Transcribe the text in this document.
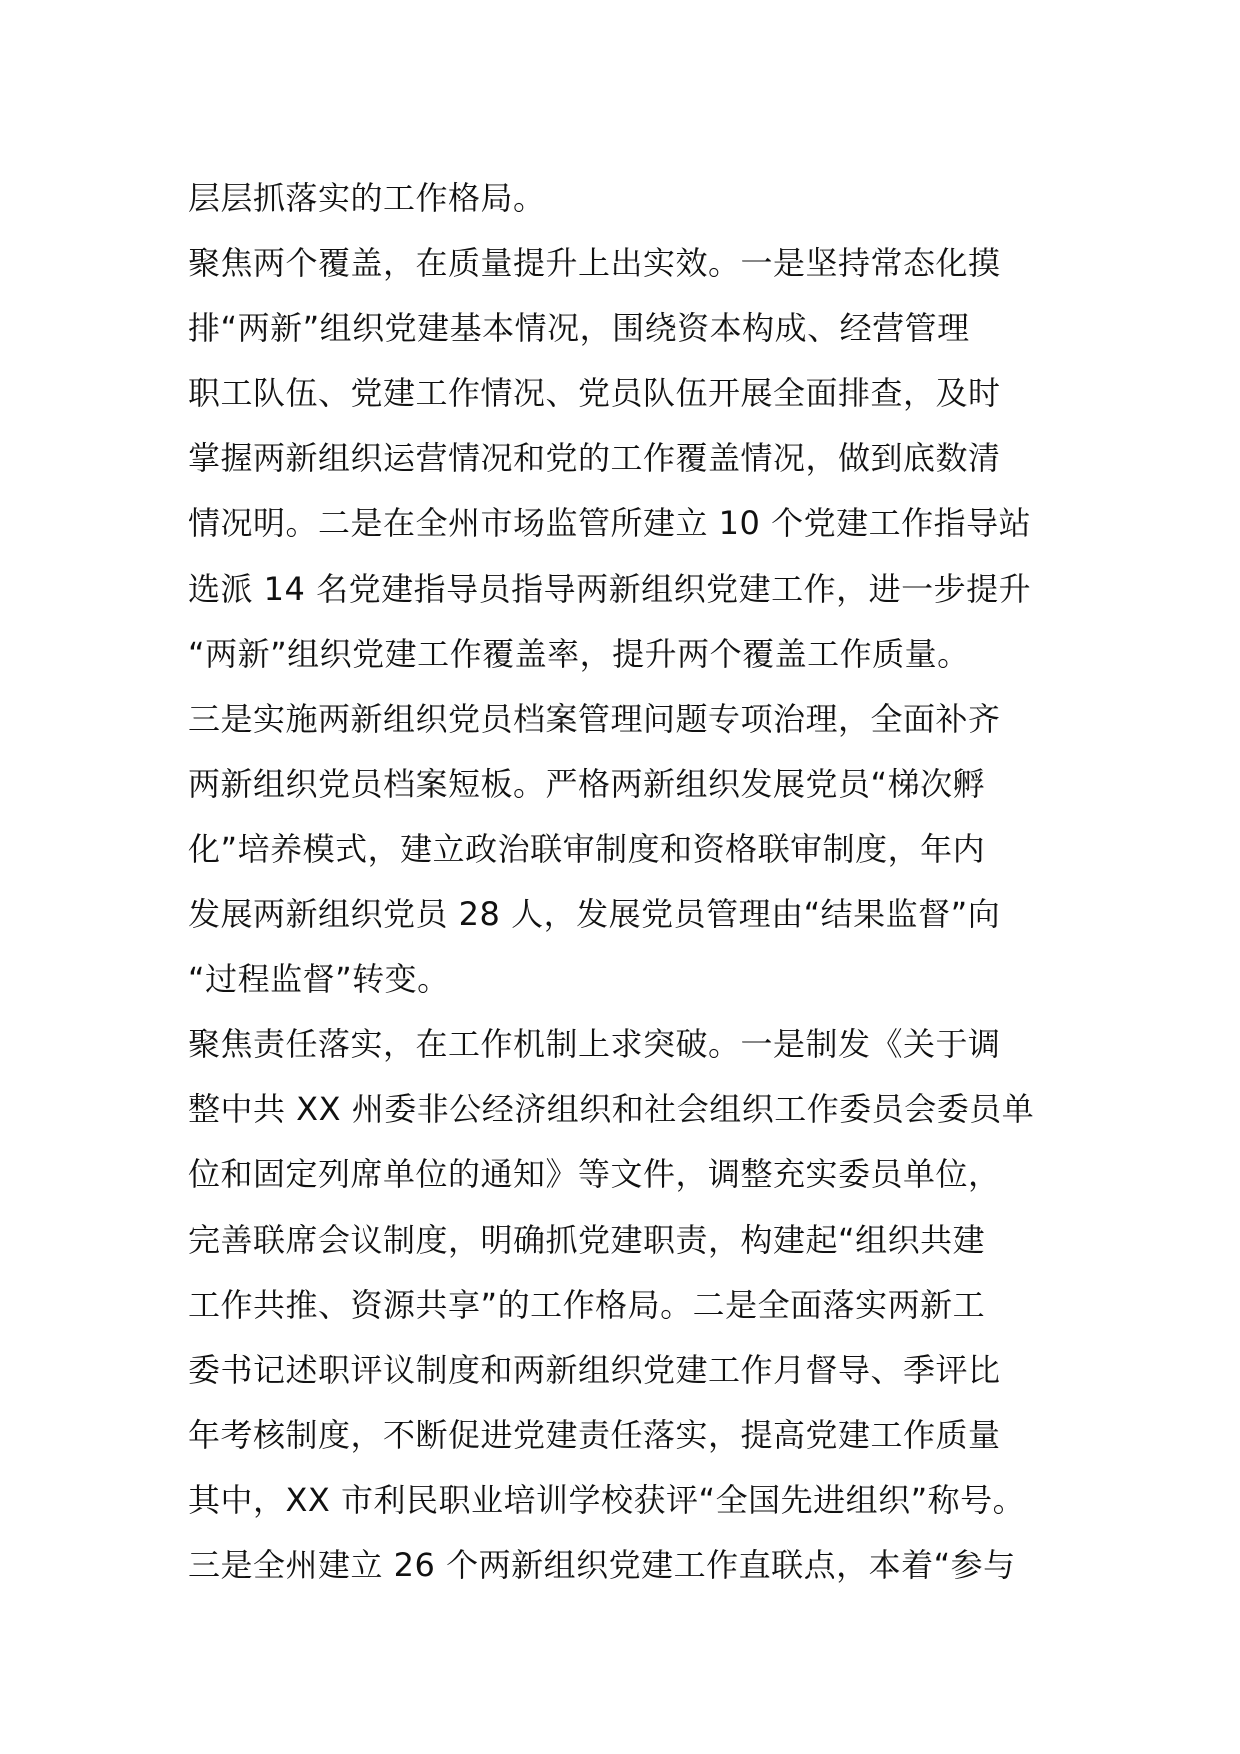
层层抓落实的工作格局。
聚焦两个覆盖，在质量提升上出实效。一是坚持常态化摸
排“两新”组织党建基本情况，围绕资本构成、经营管理
职工队伍、党建工作情况、党员队伍开展全面排查，及时
掌握两新组织运营情况和党的工作覆盖情况，做到底数清
情况明。二是在全州市场监管所建立 10 个党建工作指导站
选派 14 名党建指导员指导两新组织党建工作，进一步提升
“两新”组织党建工作覆盖率，提升两个覆盖工作质量。
三是实施两新组织党员档案管理问题专项治理，全面补齐
两新组织党员档案短板。严格两新组织发展党员“梯次孵
化”培养模式，建立政治联审制度和资格联审制度，年内
发展两新组织党员 28 人，发展党员管理由“结果监督”向
“过程监督”转变。
聚焦责任落实，在工作机制上求突破。一是制发《关于调
整中共 XX 州委非公经济组织和社会组织工作委员会委员单
位和固定列席单位的通知》等文件，调整充实委员单位，
完善联席会议制度，明确抓党建职责，构建起“组织共建
工作共推、资源共享”的工作格局。二是全面落实两新工
委书记述职评议制度和两新组织党建工作月督导、季评比
年考核制度，不断促进党建责任落实，提高党建工作质量
其中，XX 市利民职业培训学校获评“全国先进组织”称号。
三是全州建立 26 个两新组织党建工作直联点，本着“参与
